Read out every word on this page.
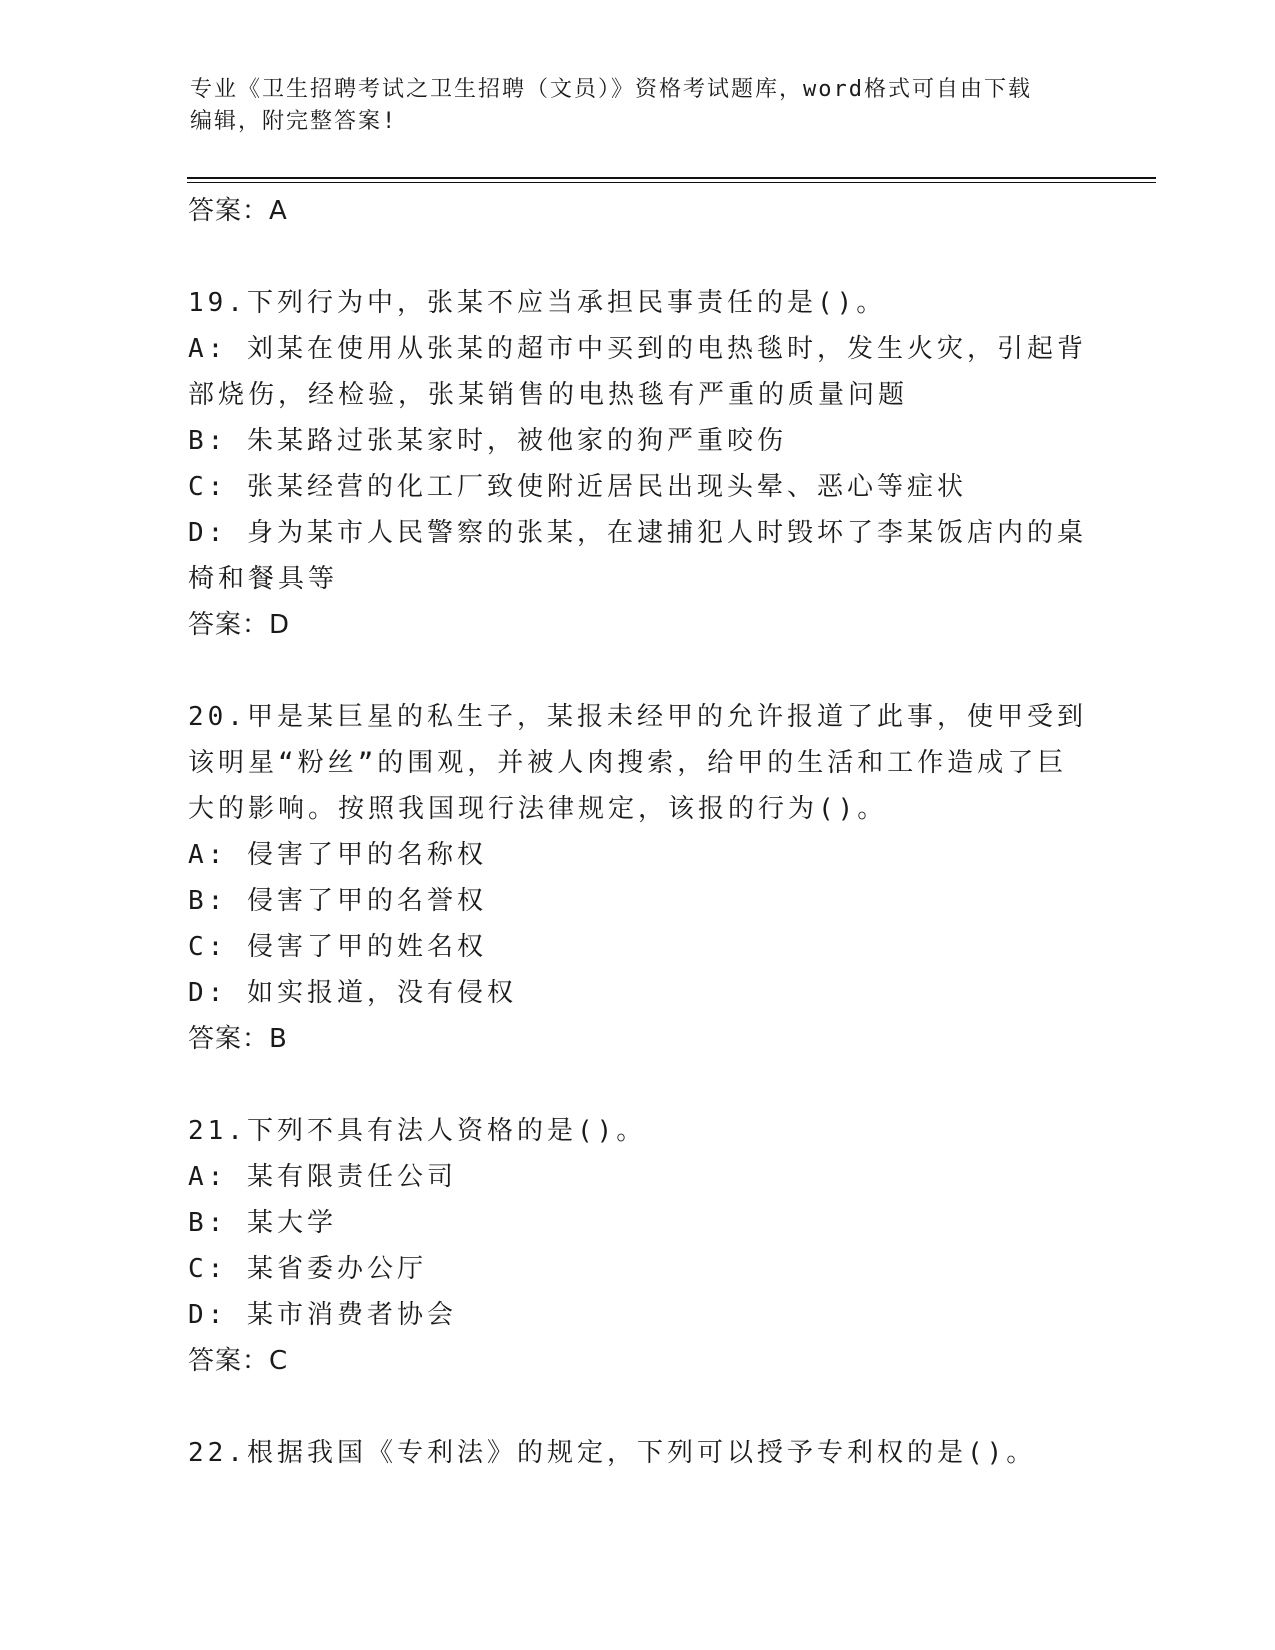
专业《卫生招聘考试之卫生招聘（文员）》资格考试题库，word格式可自由下载
编辑，附完整答案!
答案：A
19.下列行为中，张某不应当承担民事责任的是()。
A: 刘某在使用从张某的超市中买到的电热毯时，发生火灾，引起背部烧伤，经检验，张某销售的电热毯有严重的质量问题
B: 朱某路过张某家时，被他家的狗严重咬伤
C: 张某经营的化工厂致使附近居民出现头晕、恶心等症状
D: 身为某市人民警察的张某，在逮捕犯人时毁坏了李某饭店内的桌椅和餐具等
答案：D
20.甲是某巨星的私生子，某报未经甲的允许报道了此事，使甲受到该明星“粉丝”的围观，并被人肉搜索，给甲的生活和工作造成了巨大的影响。按照我国现行法律规定，该报的行为()。
A: 侵害了甲的名称权
B: 侵害了甲的名誉权
C: 侵害了甲的姓名权
D: 如实报道，没有侵权
答案：B
21.下列不具有法人资格的是()。
A: 某有限责任公司
B: 某大学
C: 某省委办公厅
D: 某市消费者协会
答案：C
22.根据我国《专利法》的规定，下列可以授予专利权的是()。
